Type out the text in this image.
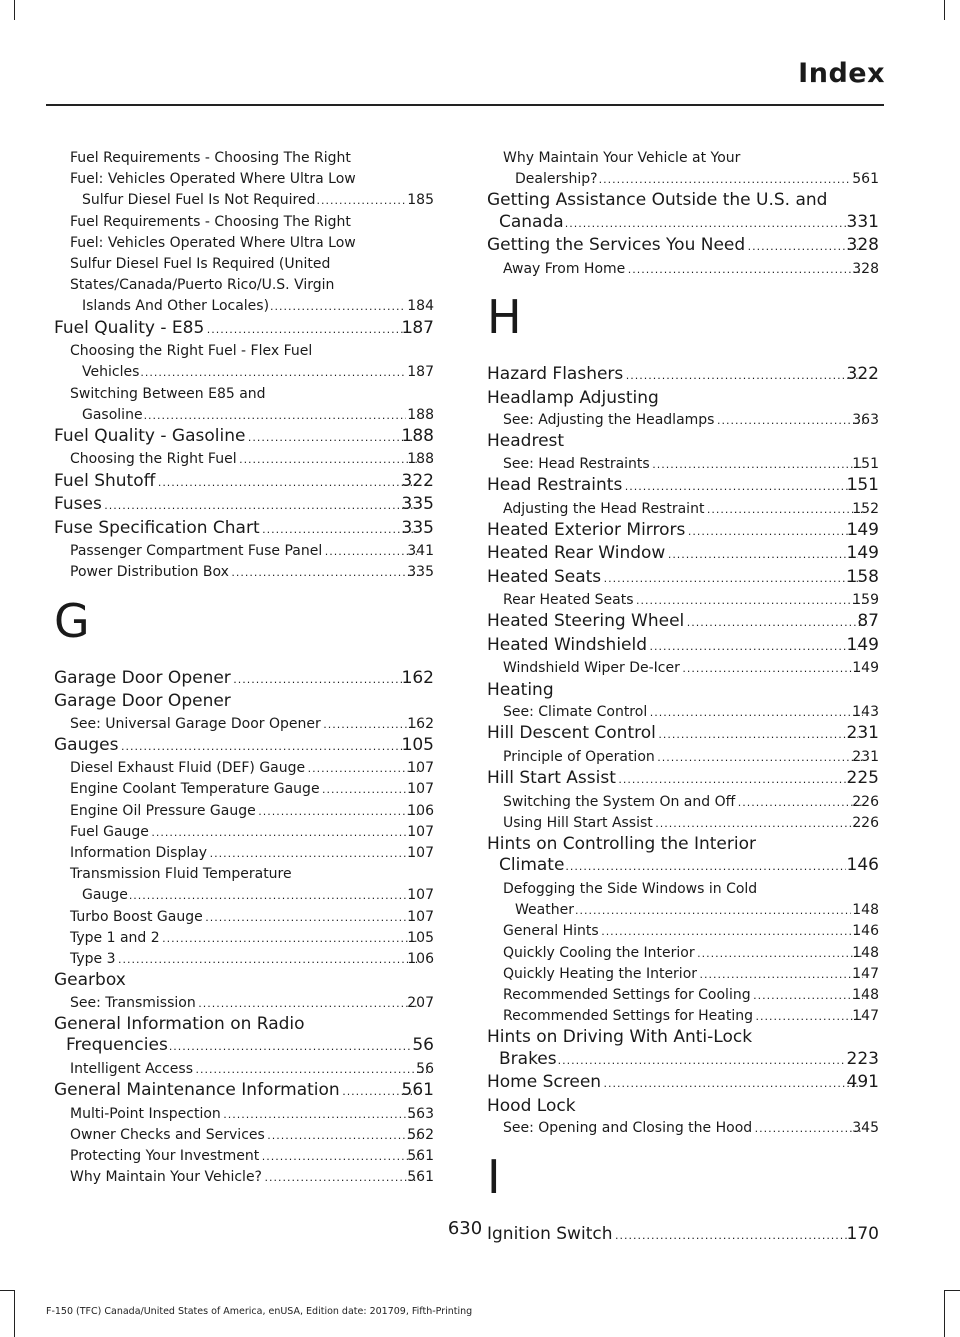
Index
Fuel Requirements - Choosing The Right
Fuel: Vehicles Operated Where Ultra Low
Sulfur Diesel Fuel Is Not Required .....	185
Fuel Requirements - Choosing The Right
Fuel: Vehicles Operated Where Ultra Low
Sulfur Diesel Fuel Is Required (United
States/Canada/Puerto Rico/U.S. Virgin
Islands And Other Locales) .....	184
Fuel Quality - E85 .....	187
Choosing the Right Fuel - Flex Fuel
Vehicles .....	187
Switching Between E85 and
Gasoline .....	188
Fuel Quality - Gasoline .....	188
Choosing the Right Fuel .....	188
Fuel Shutoff .....	322
Fuses .....	335
Fuse Specification Chart .....	335
Passenger Compartment Fuse Panel .....	341
Power Distribution Box .....	335
G
Garage Door Opener .....	162
Garage Door Opener
See: Universal Garage Door Opener .....	162
Gauges .....	105
Diesel Exhaust Fluid (DEF) Gauge .....	107
Engine Coolant Temperature Gauge .....	107
Engine Oil Pressure Gauge .....	106
Fuel Gauge .....	107
Information Display .....	107
Transmission Fluid Temperature
Gauge .....	107
Turbo Boost Gauge .....	107
Type 1 and 2 .....	105
Type 3 .....	106
Gearbox
See: Transmission .....	207
General Information on Radio
Frequencies .....	56
Intelligent Access .....	56
General Maintenance Information .....	561
Multi-Point Inspection .....	563
Owner Checks and Services .....	562
Protecting Your Investment .....	561
Why Maintain Your Vehicle? .....	561
Why Maintain Your Vehicle at Your
Dealership? .....	561
Getting Assistance Outside the U.S. and
Canada .....	331
Getting the Services You Need .....	328
Away From Home .....	328
H
Hazard Flashers .....	322
Headlamp Adjusting
See: Adjusting the Headlamps .....	363
Headrest
See: Head Restraints .....	151
Head Restraints .....	151
Adjusting the Head Restraint .....	152
Heated Exterior Mirrors .....	149
Heated Rear Window .....	149
Heated Seats .....	158
Rear Heated Seats .....	159
Heated Steering Wheel .....	87
Heated Windshield .....	149
Windshield Wiper De-Icer .....	149
Heating
See: Climate Control .....	143
Hill Descent Control .....	231
Principle of Operation .....	231
Hill Start Assist .....	225
Switching the System On and Off .....	226
Using Hill Start Assist .....	226
Hints on Controlling the Interior
Climate .....	146
Defogging the Side Windows in Cold
Weather .....	148
General Hints .....	146
Quickly Cooling the Interior .....	148
Quickly Heating the Interior .....	147
Recommended Settings for Cooling .....	148
Recommended Settings for Heating .....	147
Hints on Driving With Anti-Lock
Brakes .....	223
Home Screen .....	491
Hood Lock
See: Opening and Closing the Hood .....	345
I
Ignition Switch .....	170
630
F-150 (TFC) Canada/United States of America, enUSA, Edition date: 201709, Fifth-Printing
